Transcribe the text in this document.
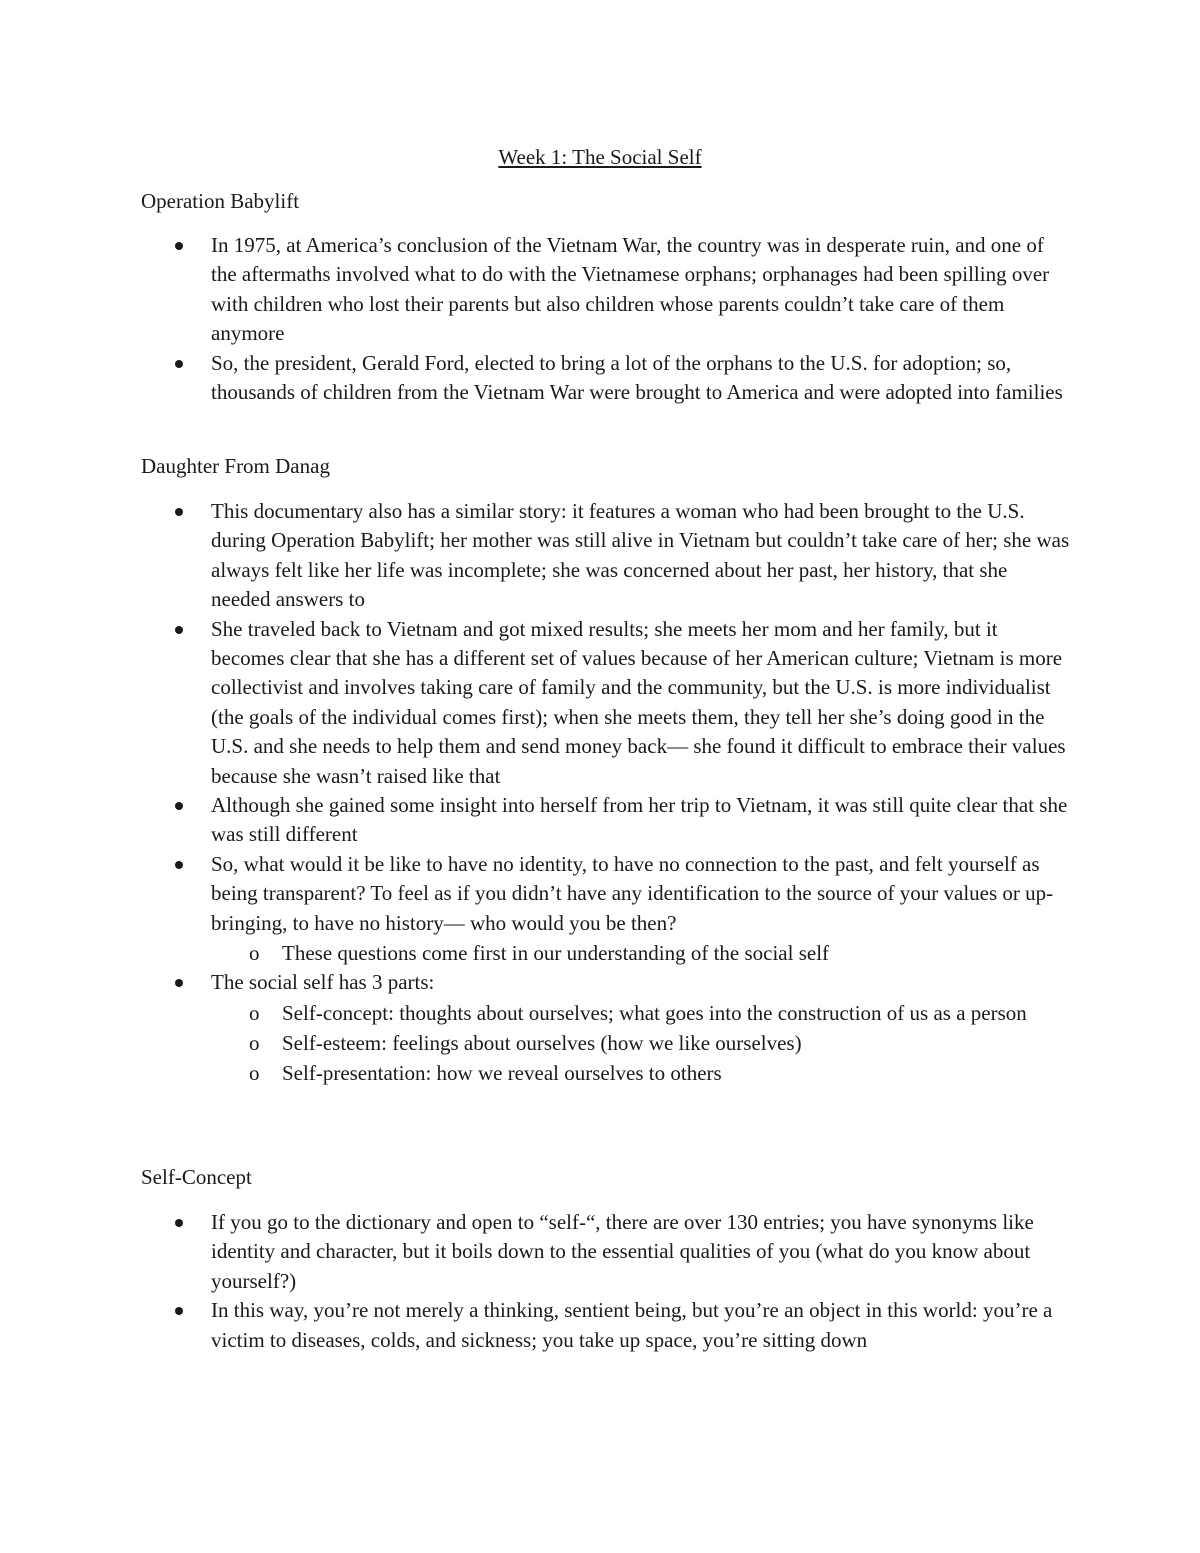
Week 1: The Social Self
Operation Babylift
In 1975, at America’s conclusion of the Vietnam War, the country was in desperate ruin, and one of the aftermaths involved what to do with the Vietnamese orphans; orphanages had been spilling over with children who lost their parents but also children whose parents couldn’t take care of them anymore
So, the president, Gerald Ford, elected to bring a lot of the orphans to the U.S. for adoption; so, thousands of children from the Vietnam War were brought to America and were adopted into families
Daughter From Danag
This documentary also has a similar story: it features a woman who had been brought to the U.S. during Operation Babylift; her mother was still alive in Vietnam but couldn’t take care of her; she was always felt like her life was incomplete; she was concerned about her past, her history, that she needed answers to
She traveled back to Vietnam and got mixed results; she meets her mom and her family, but it becomes clear that she has a different set of values because of her American culture; Vietnam is more collectivist and involves taking care of family and the community, but the U.S. is more individualist (the goals of the individual comes first); when she meets them, they tell her she’s doing good in the U.S. and she needs to help them and send money back— she found it difficult to embrace their values because she wasn’t raised like that
Although she gained some insight into herself from her trip to Vietnam, it was still quite clear that she was still different
So, what would it be like to have no identity, to have no connection to the past, and felt yourself as being transparent? To feel as if you didn’t have any identification to the source of your values or up-bringing, to have no history— who would you be then?
o These questions come first in our understanding of the social self
The social self has 3 parts:
o Self-concept: thoughts about ourselves; what goes into the construction of us as a person
o Self-esteem: feelings about ourselves (how we like ourselves)
o Self-presentation: how we reveal ourselves to others
Self-Concept
If you go to the dictionary and open to “self-“, there are over 130 entries; you have synonyms like identity and character, but it boils down to the essential qualities of you (what do you know about yourself?)
In this way, you’re not merely a thinking, sentient being, but you’re an object in this world: you’re a victim to diseases, colds, and sickness; you take up space, you’re sitting down
